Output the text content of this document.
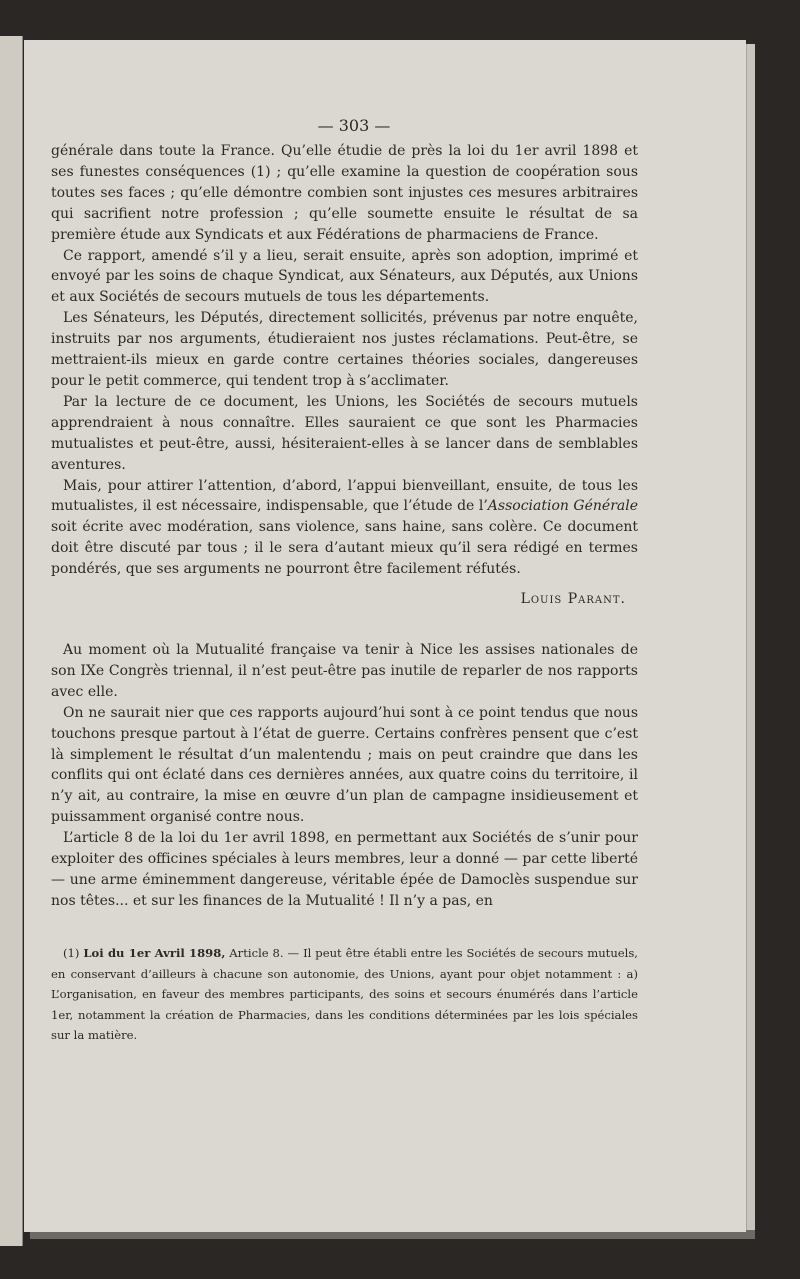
— 303 —

générale dans toute la France. Qu’elle étudie de près la loi du 1er avril 1898 et ses funestes conséquences (1) ; qu’elle examine la question de coopération sous toutes ses faces ; qu’elle démontre combien sont injustes ces mesures arbitraires qui sacrifient notre profession ; qu’elle soumette ensuite le résultat de sa première étude aux Syndicats et aux Fédérations de pharmaciens de France.

Ce rapport, amendé s’il y a lieu, serait ensuite, après son adoption, imprimé et envoyé par les soins de chaque Syndicat, aux Sénateurs, aux Députés, aux Unions et aux Sociétés de secours mutuels de tous les départements.

Les Sénateurs, les Députés, directement sollicités, prévenus par notre enquête, instruits par nos arguments, étudieraient nos justes réclamations. Peut-être, se mettraient-ils mieux en garde contre certaines théories sociales, dangereuses pour le petit commerce, qui tendent trop à s’acclimater.

Par la lecture de ce document, les Unions, les Sociétés de secours mutuels apprendraient à nous connaître. Elles sauraient ce que sont les Pharmacies mutualistes et peut-être, aussi, hésiteraient-elles à se lancer dans de semblables aventures.

Mais, pour attirer l’attention, d’abord, l’appui bienveillant, ensuite, de tous les mutualistes, il est nécessaire, indispensable, que l’étude de l’Association Générale soit écrite avec modération, sans violence, sans haine, sans colère. Ce document doit être discuté par tous ; il le sera d’autant mieux qu’il sera rédigé en termes pondérés, que ses arguments ne pourront être facilement réfutés.

Louis Parant.

Au moment où la Mutualité française va tenir à Nice les assises nationales de son IXe Congrès triennal, il n’est peut-être pas inutile de reparler de nos rapports avec elle.

On ne saurait nier que ces rapports aujourd’hui sont à ce point tendus que nous touchons presque partout à l’état de guerre. Certains confrères pensent que c’est là simplement le résultat d’un malentendu ; mais on peut craindre que dans les conflits qui ont éclaté dans ces dernières années, aux quatre coins du territoire, il n’y ait, au contraire, la mise en œuvre d’un plan de campagne insidieusement et puissamment organisé contre nous.

L’article 8 de la loi du 1er avril 1898, en permettant aux Sociétés de s’unir pour exploiter des officines spéciales à leurs membres, leur a donné — par cette liberté — une arme éminemment dangereuse, véritable épée de Damoclès suspendue sur nos têtes... et sur les finances de la Mutualité ! Il n’y a pas, en

(1) Loi du 1er Avril 1898, Article 8. — Il peut être établi entre les Sociétés de secours mutuels, en conservant d’ailleurs à chacune son autonomie, des Unions, ayant pour objet notamment : a) L’organisation, en faveur des membres participants, des soins et secours énumérés dans l’article 1er, notamment la création de Pharmacies, dans les conditions déterminées par les lois spéciales sur la matière.
